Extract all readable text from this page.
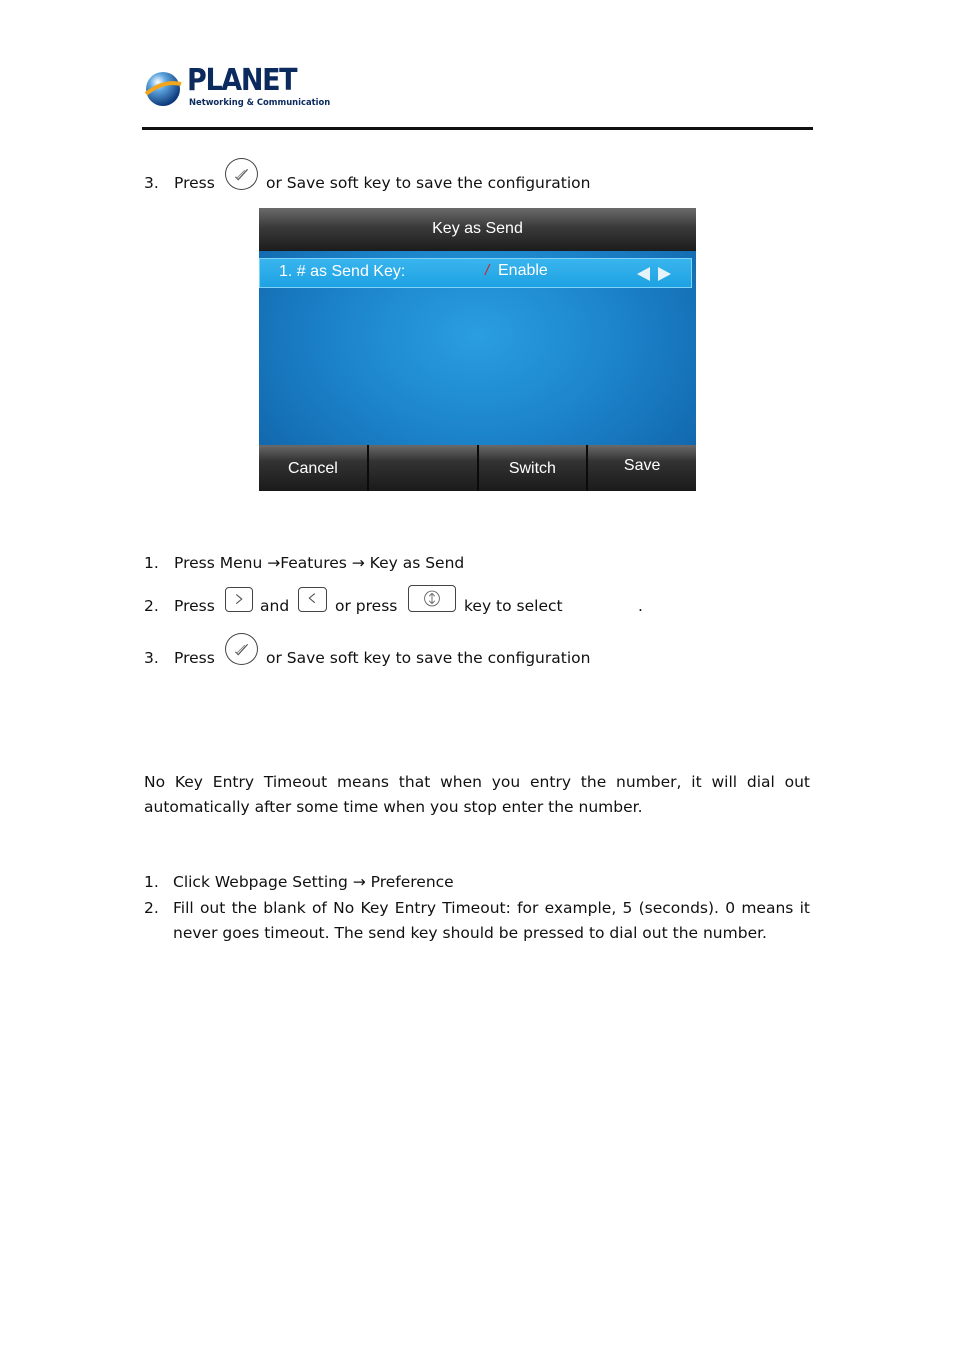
PLANET
Networking & Communication
3. Press	or Save soft key to save the configuration
Key as Send
1. # as Send Key:	/ Enable
Cancel	Switch	Save
1. Press Menu →Features → Key as Send
2. Press	and	or press	key to select	.
3. Press	or Save soft key to save the configuration
No Key Entry Timeout means that when you entry the number, it will dial out automatically after some time when you stop enter the number.
1. Click Webpage Setting → Preference
2. Fill out the blank of No Key Entry Timeout: for example, 5 (seconds). 0 means it
never goes timeout. The send key should be pressed to dial out the number.
